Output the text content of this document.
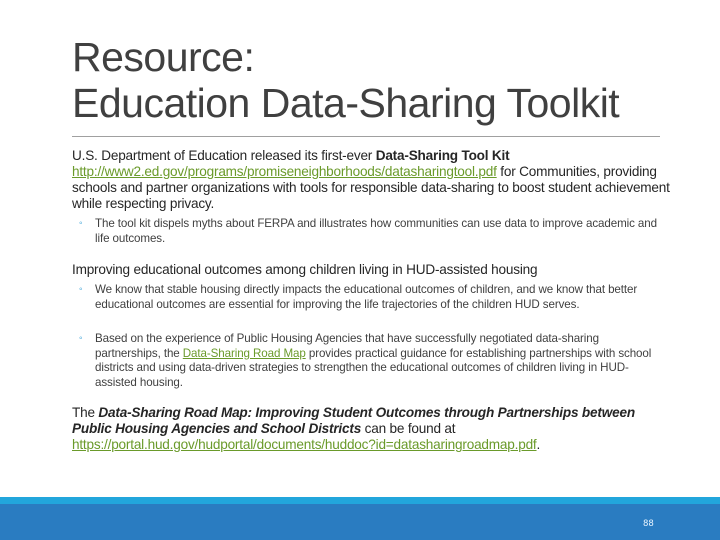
Resource:
Education Data-Sharing Toolkit
U.S. Department of Education released its first-ever Data-Sharing Tool Kit
http://www2.ed.gov/programs/promiseneighborhoods/datasharingtool.pdf for Communities, providing schools and partner organizations with tools for responsible data-sharing to boost student achievement while respecting privacy.
◦ The tool kit dispels myths about FERPA and illustrates how communities can use data to improve academic and life outcomes.
Improving educational outcomes among children living in HUD-assisted housing
◦ We know that stable housing directly impacts the educational outcomes of children, and we know that better educational outcomes are essential for improving the life trajectories of the children HUD serves.
◦ Based on the experience of Public Housing Agencies that have successfully negotiated data-sharing partnerships, the Data-Sharing Road Map provides practical guidance for establishing partnerships with school districts and using data-driven strategies to strengthen the educational outcomes of children living in HUD-assisted housing.
The Data-Sharing Road Map: Improving Student Outcomes through Partnerships between Public Housing Agencies and School Districts can be found at
https://portal.hud.gov/hudportal/documents/huddoc?id=datasharingroadmap.pdf.
88
